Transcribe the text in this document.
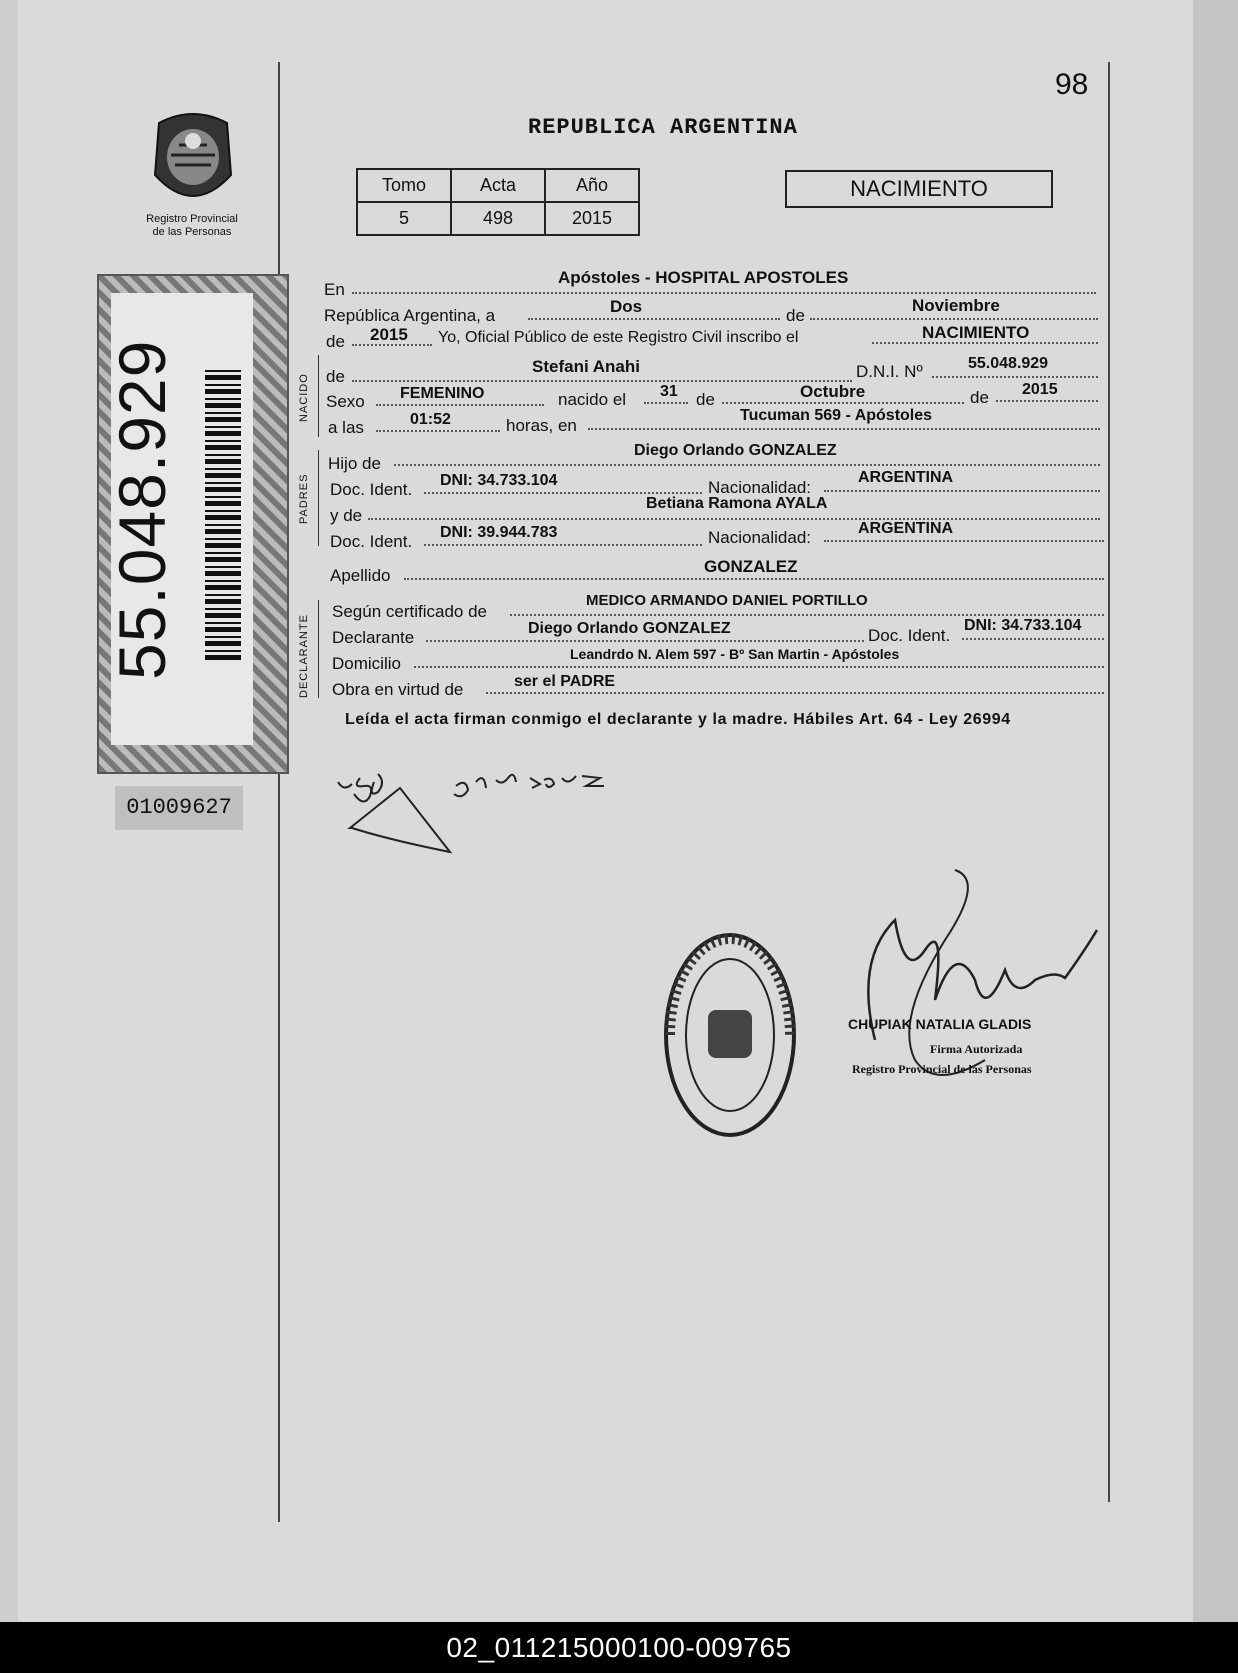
98
REPUBLICA ARGENTINA
Registro Provincial
de las Personas
Tomo	Acta	Año
5	498	2015
NACIMIENTO
55.048.929
01009627
NACIDO
PADRES
DECLARANTE
En
Apóstoles - HOSPITAL APOSTOLES
República Argentina, a	Dos	de
Noviembre
de 2015 Yo, Oficial Público de este Registro Civil inscribo el	NACIMIENTO
de
Stefani Anahi	D.N.I. Nº	55.048.929
Sexo FEMENINO	nacido el 31 de	Octubre	de 2015
a las	01:52	horas, en
Tucuman 569 - Apóstoles
Hijo de
Diego Orlando GONZALEZ
Doc. Ident. DNI: 34.733.104	Nacionalidad:
ARGENTINA
y de
Betiana Ramona AYALA
Doc. Ident. DNI: 39.944.783	Nacionalidad:	ARGENTINA
Apellido	GONZALEZ
Según certificado de
MEDICO ARMANDO DANIEL PORTILLO
Declarante	Diego Orlando GONZALEZ	Doc. Ident.
DNI: 34.733.104
Domicilio	Leandrdo N. Alem 597 - Bº San Martin - Apóstoles
Obra en virtud de	ser el PADRE
Leída el acta firman conmigo el declarante y la madre. Hábiles Art. 64 - Ley 26994
CHUPIAK NATALIA GLADIS
Firma Autorizada
Registro Provincial de las Personas
02_011215000100-009765
